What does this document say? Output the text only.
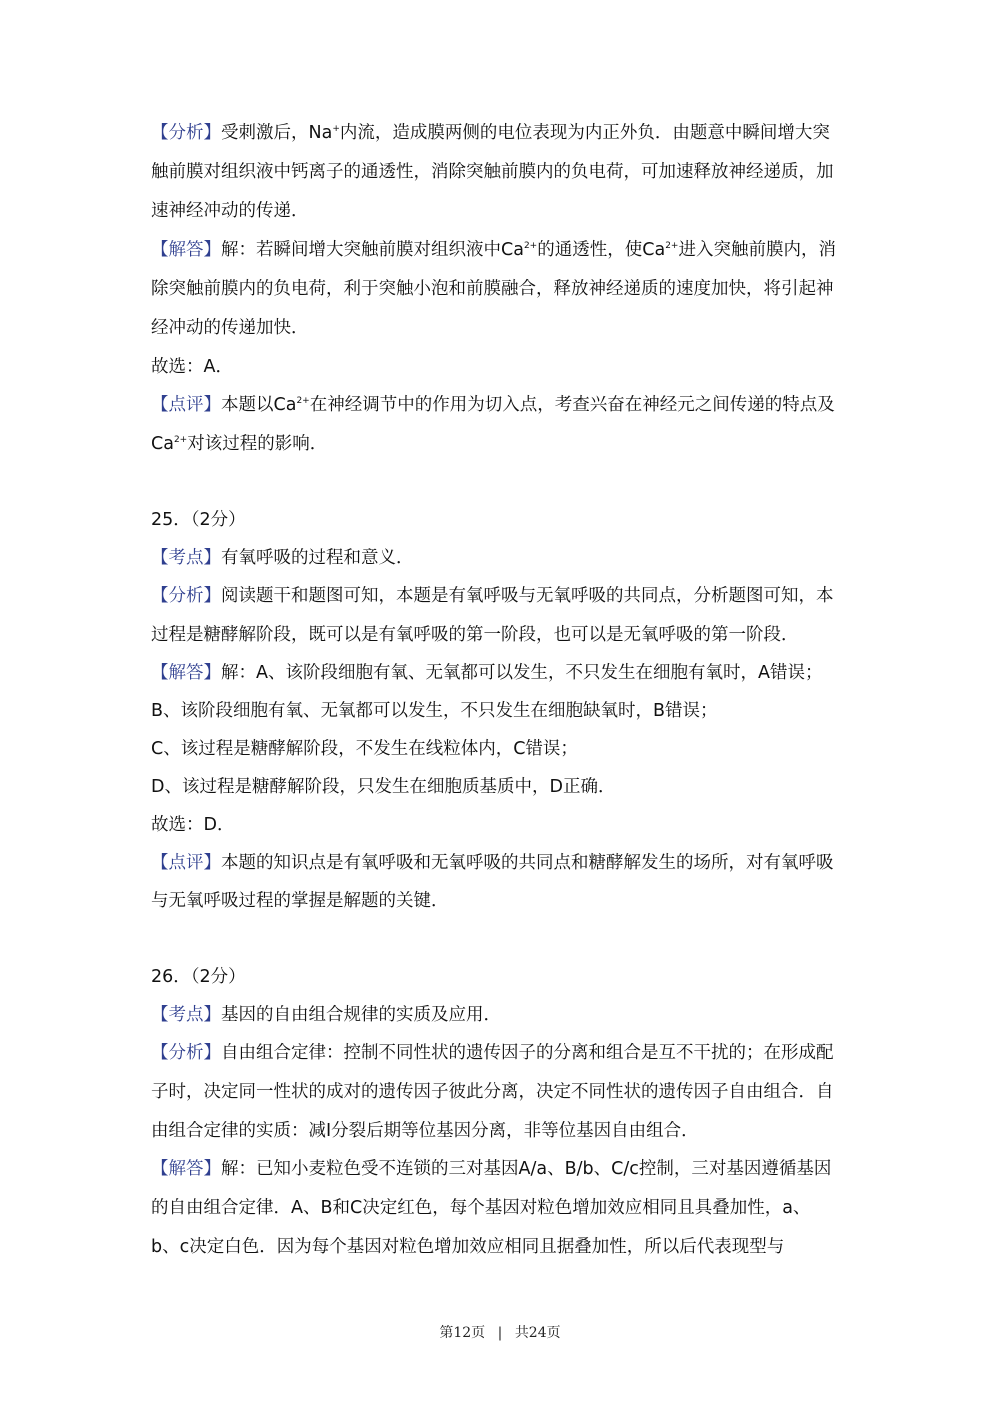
【分析】受刺激后，Na+内流，造成膜两侧的电位表现为内正外负．由题意中瞬间增大突
触前膜对组织液中钙离子的通透性，消除突触前膜内的负电荷，可加速释放神经递质，加
速神经冲动的传递．
【解答】解：若瞬间增大突触前膜对组织液中$Ca^{2+}$的通透性，使$Ca^{2+}$进入突触前膜内，消
除突触前膜内的负电荷，利于突触小泡和前膜融合，释放神经递质的速度加快，将引起神
经冲动的传递加快．
故选：A．
【点评】本题以$Ca^{2+}$在神经调节中的作用为切入点，考查兴奋在神经元之间传递的特点及
$Ca^{2+}$对该过程的影响．
25．（2分）
【考点】有氧呼吸的过程和意义．
【分析】阅读题干和题图可知，本题是有氧呼吸与无氧呼吸的共同点，分析题图可知，本
过程是糖酵解阶段，既可以是有氧呼吸的第一阶段，也可以是无氧呼吸的第一阶段．
【解答】解：A、该阶段细胞有氧、无氧都可以发生，不只发生在细胞有氧时，A错误；
B、该阶段细胞有氧、无氧都可以发生，不只发生在细胞缺氧时，B错误；
C、该过程是糖酵解阶段，不发生在线粒体内，C错误；
D、该过程是糖酵解阶段，只发生在细胞质基质中，D正确．
故选：D．
【点评】本题的知识点是有氧呼吸和无氧呼吸的共同点和糖酵解发生的场所，对有氧呼吸
与无氧呼吸过程的掌握是解题的关键．
26．（2分）
【考点】基因的自由组合规律的实质及应用．
【分析】自由组合定律：控制不同性状的遗传因子的分离和组合是互不干扰的；在形成配
子时，决定同一性状的成对的遗传因子彼此分离，决定不同性状的遗传因子自由组合．自
由组合定律的实质：减Ⅰ分裂后期等位基因分离，非等位基因自由组合．
【解答】解：已知小麦粒色受不连锁的三对基因A/a、B/b、C/c控制，三对基因遵循基因
的自由组合定律．A、B和C决定红色，每个基因对粒色增加效应相同且具叠加性，a、
b、c决定白色．因为每个基因对粒色增加效应相同且据叠加性，所以后代表现型与
第12页 | 共24页
